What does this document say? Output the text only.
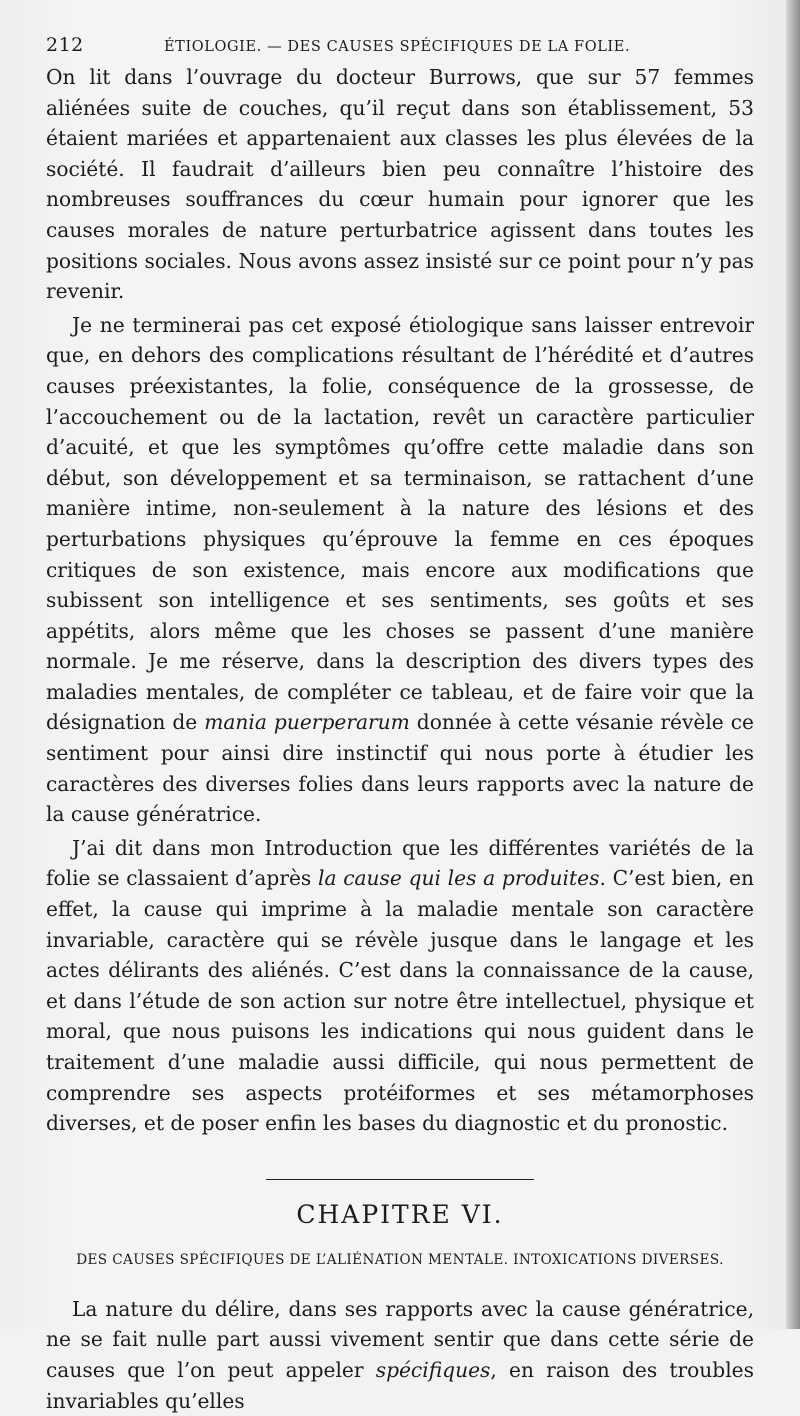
212	ÉTIOLOGIE. — DES CAUSES SPÉCIFIQUES DE LA FOLIE.

On lit dans l’ouvrage du docteur Burrows, que sur 57 femmes aliénées suite de couches, qu’il reçut dans son établissement, 53 étaient mariées et appartenaient aux classes les plus élevées de la société. Il faudrait d’ailleurs bien peu connaître l’histoire des nombreuses souffrances du cœur humain pour ignorer que les causes morales de nature perturbatrice agissent dans toutes les positions sociales. Nous avons assez insisté sur ce point pour n’y pas revenir.

Je ne terminerai pas cet exposé étiologique sans laisser entrevoir que, en dehors des complications résultant de l’hérédité et d’autres causes préexistantes, la folie, conséquence de la grossesse, de l’accouchement ou de la lactation, revêt un caractère particulier d’acuité, et que les symptômes qu’offre cette maladie dans son début, son développement et sa terminaison, se rattachent d’une manière intime, non-seulement à la nature des lésions et des perturbations physiques qu’éprouve la femme en ces époques critiques de son existence, mais encore aux modifications que subissent son intelligence et ses sentiments, ses goûts et ses appétits, alors même que les choses se passent d’une manière normale. Je me réserve, dans la description des divers types des maladies mentales, de compléter ce tableau, et de faire voir que la désignation de mania puerperarum donnée à cette vésanie révèle ce sentiment pour ainsi dire instinctif qui nous porte à étudier les caractères des diverses folies dans leurs rapports avec la nature de la cause génératrice.

J’ai dit dans mon Introduction que les différentes variétés de la folie se classaient d’après la cause qui les a produites. C’est bien, en effet, la cause qui imprime à la maladie mentale son caractère invariable, caractère qui se révèle jusque dans le langage et les actes délirants des aliénés. C’est dans la connaissance de la cause, et dans l’étude de son action sur notre être intellectuel, physique et moral, que nous puisons les indications qui nous guident dans le traitement d’une maladie aussi difficile, qui nous permettent de comprendre ses aspects protéiformes et ses métamorphoses diverses, et de poser enfin les bases du diagnostic et du pronostic.

CHAPITRE VI.
DES CAUSES SPÉCIFIQUES DE L’ALIÉNATION MENTALE. INTOXICATIONS DIVERSES.

La nature du délire, dans ses rapports avec la cause génératrice, ne se fait nulle part aussi vivement sentir que dans cette série de causes que l’on peut appeler spécifiques, en raison des troubles invariables qu’elles
